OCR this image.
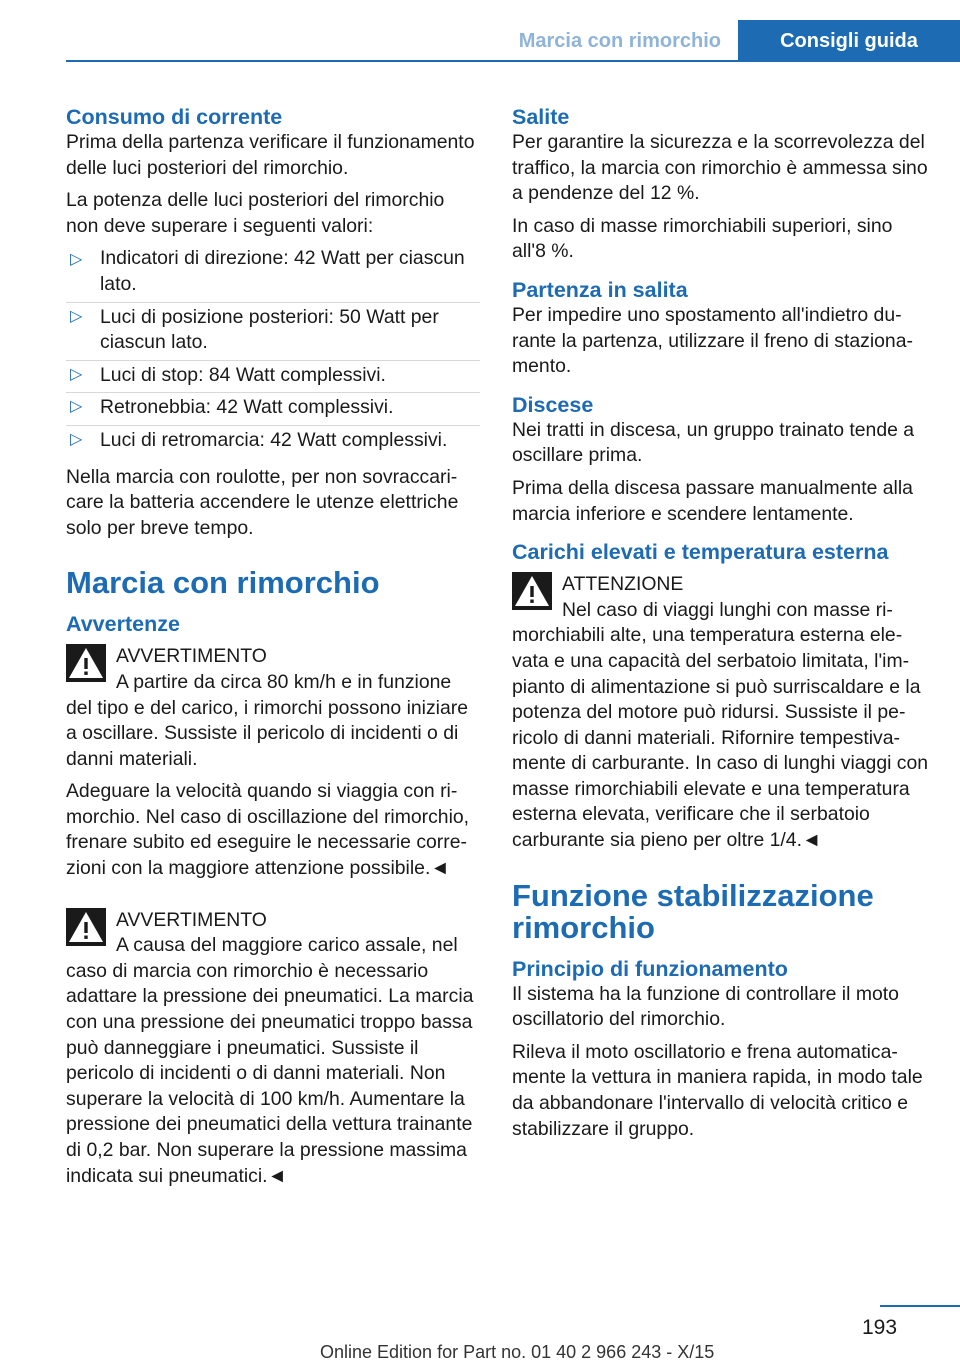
Marcia con rimorchio	Consigli guida
Consumo di corrente

Prima della partenza verificare il funzionamento delle luci posteriori del rimorchio.

La potenza delle luci posteriori del rimorchio non deve superare i seguenti valori:

▷ Indicatori di direzione: 42 Watt per ciascun lato.
▷ Luci di posizione posteriori: 50 Watt per ciascun lato.
▷ Luci di stop: 84 Watt complessivi.
▷ Retronebbia: 42 Watt complessivi.
▷ Luci di retromarcia: 42 Watt complessivi.

Nella marcia con roulotte, per non sovraccaricare la batteria accendere le utenze elettriche solo per breve tempo.

Marcia con rimorchio
Avvertenze

AVVERTIMENTO

A partire da circa 80 km/h e in funzione del tipo e del carico, i rimorchi possono iniziare a oscillare. Sussiste il pericolo di incidenti o di danni materiali.

Adeguare la velocità quando si viaggia con rimorchio. Nel caso di oscillazione del rimorchio, frenare subito ed eseguire le necessarie correzioni con la maggiore attenzione possibile.◄

AVVERTIMENTO

A causa del maggiore carico assale, nel caso di marcia con rimorchio è necessario adattare la pressione dei pneumatici. La marcia con una pressione dei pneumatici troppo bassa può danneggiare i pneumatici. Sussiste il pericolo di incidenti o di danni materiali. Non superare la velocità di 100 km/h. Aumentare la pressione dei pneumatici della vettura trainante di 0,2 bar. Non superare la pressione massima indicata sui pneumatici.◄

Salite

Per garantire la sicurezza e la scorrevolezza del traffico, la marcia con rimorchio è ammessa sino a pendenze del 12 %.

In caso di masse rimorchiabili superiori, sino all'8 %.

Partenza in salita

Per impedire uno spostamento all'indietro durante la partenza, utilizzare il freno di stazionamento.

Discese

Nei tratti in discesa, un gruppo trainato tende a oscillare prima.

Prima della discesa passare manualmente alla marcia inferiore e scendere lentamente.

Carichi elevati e temperatura esterna

ATTENZIONE

Nel caso di viaggi lunghi con masse rimorchiabili alte, una temperatura esterna elevata e una capacità del serbatoio limitata, l'impianto di alimentazione si può surriscaldare e la potenza del motore può ridursi. Sussiste il pericolo di danni materiali. Rifornire tempestivamente di carburante. In caso di lunghi viaggi con masse rimorchiabili elevate e una temperatura esterna elevata, verificare che il serbatoio carburante sia pieno per oltre 1/4.◄

Funzione stabilizzazione rimorchio
Principio di funzionamento

Il sistema ha la funzione di controllare il moto oscillatorio del rimorchio.

Rileva il moto oscillatorio e frena automaticamente la vettura in maniera rapida, in modo tale da abbandonare l'intervallo di velocità critico e stabilizzare il gruppo.

193
Online Edition for Part no. 01 40 2 966 243 - X/15
